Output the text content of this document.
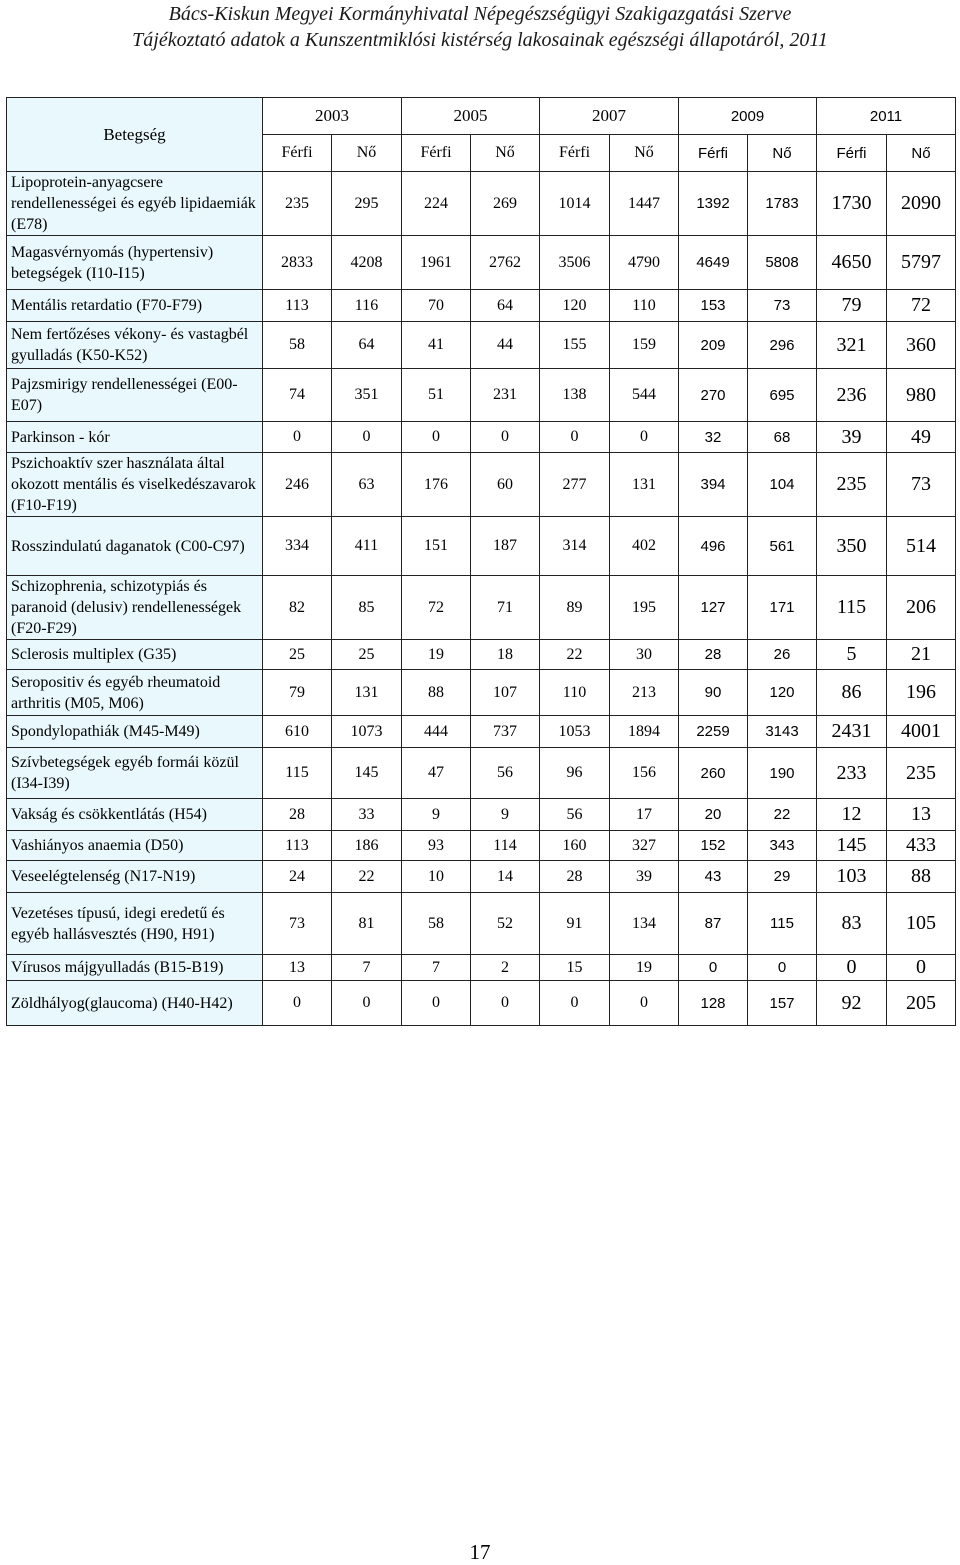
Bács-Kiskun Megyei Kormányhivatal Népegészségügyi Szakigazgatási Szerve
Tájékoztató adatok a Kunszentmiklósi kistérség lakosainak egészségi állapotáról, 2011
Betegség	2003		2005		2007		2009		2011	
	Férfi	Nő	Férfi	Nő	Férfi	Nő	Férfi	Nő	Férfi	Nő
Lipoprotein-anyagcsere rendellenességei és egyéb lipidaemiák (E78)	235	295	224	269	1014	1447	1392	1783	1730	2090
Magasvérnyomás (hypertensiv) betegségek (I10-I15)	2833	4208	1961	2762	3506	4790	4649	5808	4650	5797
Mentális retardatio (F70-F79)	113	116	70	64	120	110	153	73	79	72
Nem fertőzéses vékony- és vastagbél gyulladás (K50-K52)	58	64	41	44	155	159	209	296	321	360
Pajzsmirigy rendellenességei (E00-E07)	74	351	51	231	138	544	270	695	236	980
Parkinson - kór	0	0	0	0	0	0	32	68	39	49
Pszichoaktív szer használata által okozott mentális és viselkedészavarok (F10-F19)	246	63	176	60	277	131	394	104	235	73
Rosszindulatú daganatok (C00-C97)	334	411	151	187	314	402	496	561	350	514
Schizophrenia, schizotypiás és paranoid (delusiv) rendellenességek (F20-F29)	82	85	72	71	89	195	127	171	115	206
Sclerosis multiplex (G35)	25	25	19	18	22	30	28	26	5	21
Seropositiv és egyéb rheumatoid arthritis (M05, M06)	79	131	88	107	110	213	90	120	86	196
Spondylopathiák (M45-M49)	610	1073	444	737	1053	1894	2259	3143	2431	4001
Szívbetegségek egyéb formái közül (I34-I39)	115	145	47	56	96	156	260	190	233	235
Vakság és csökkentlátás (H54)	28	33	9	9	56	17	20	22	12	13
Vashiányos anaemia (D50)	113	186	93	114	160	327	152	343	145	433
Veseelégtelenség (N17-N19)	24	22	10	14	28	39	43	29	103	88
Vezetéses típusú, idegi eredetű és egyéb hallásvesztés (H90, H91)	73	81	58	52	91	134	87	115	83	105
Vírusos májgyulladás (B15-B19)	13	7	7	2	15	19	0	0	0	0
Zöldhályog(glaucoma) (H40-H42)	0	0	0	0	0	0	128	157	92	205
17
